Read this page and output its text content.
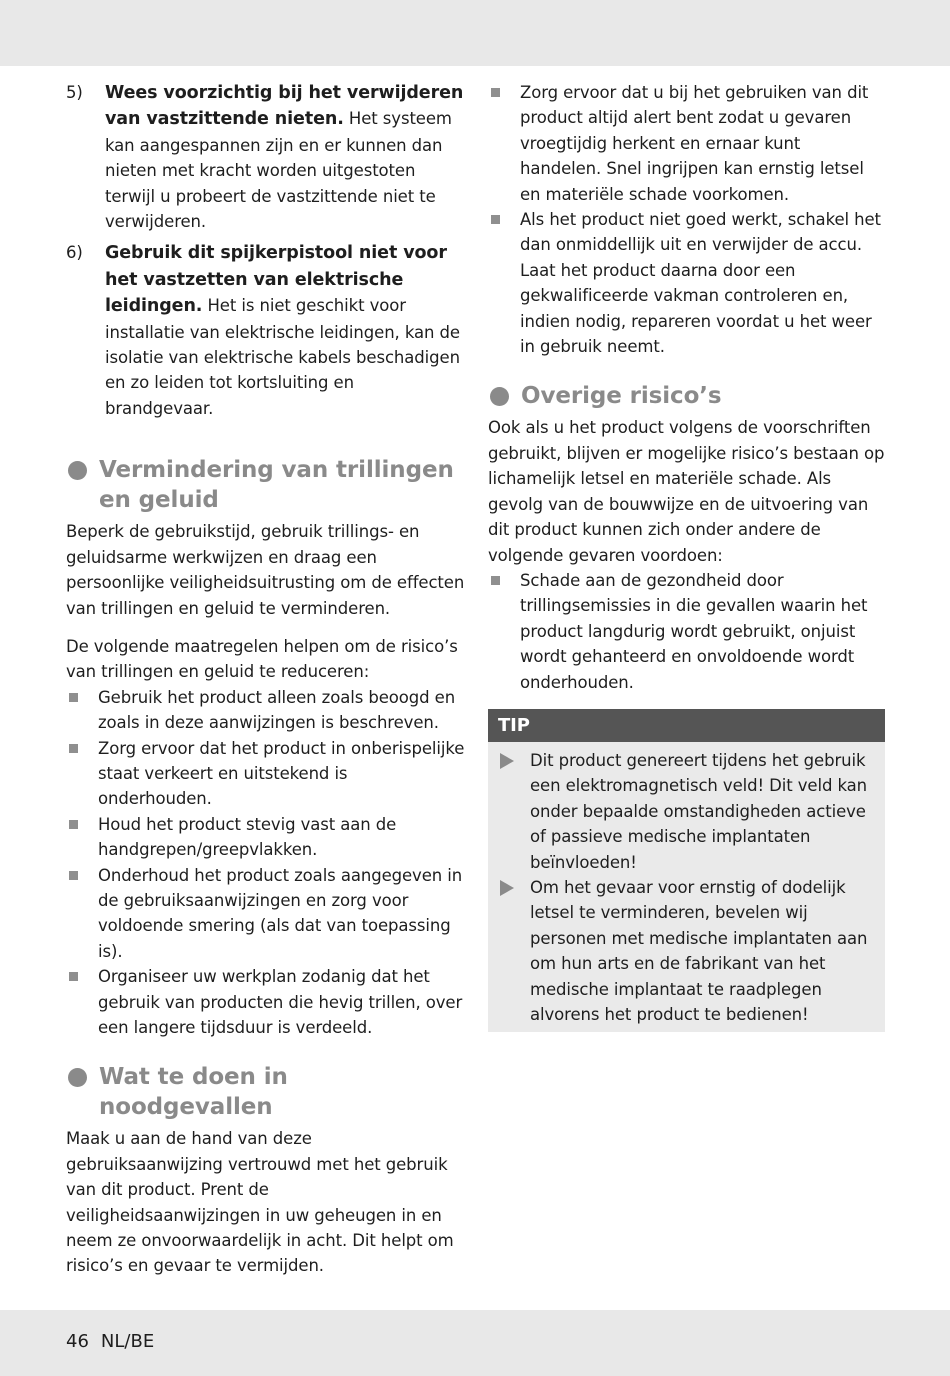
5)	Wees voorzichtig bij het verwijderen van vastzittende nieten. Het systeem kan aangespannen zijn en er kunnen dan nieten met kracht worden uitgestoten terwijl u probeert de vastzittende niet te verwijderen.
6)	Gebruik dit spijkerpistool niet voor het vastzetten van elektrische leidingen. Het is niet geschikt voor installatie van elektrische leidingen, kan de isolatie van elektrische kabels beschadigen en zo leiden tot kortsluiting en brandgevaar.
Vermindering van trillingen en geluid

Beperk de gebruikstijd, gebruik trillings- en geluidsarme werkwijzen en draag een persoonlijke veiligheidsuitrusting om de effecten van trillingen en geluid te verminderen.

De volgende maatregelen helpen om de risico’s van trillingen en geluid te reduceren:

Gebruik het product alleen zoals beoogd en zoals in deze aanwijzingen is beschreven.
Zorg ervoor dat het product in onberispelijke staat verkeert en uitstekend is onderhouden.
Houd het product stevig vast aan de handgrepen/greepvlakken.
Onderhoud het product zoals aangegeven in de gebruiksaanwijzingen en zorg voor voldoende smering (als dat van toepassing is).
Organiseer uw werkplan zodanig dat het gebruik van producten die hevig trillen, over een langere tijdsduur is verdeeld.
Wat te doen in noodgevallen

Maak u aan de hand van deze gebruiksaanwijzing vertrouwd met het gebruik van dit product. Prent de veiligheidsaanwijzingen in uw geheugen in en neem ze onvoorwaardelijk in acht. Dit helpt om risico’s en gevaar te vermijden.

Zorg ervoor dat u bij het gebruiken van dit product altijd alert bent zodat u gevaren vroegtijdig herkent en ernaar kunt handelen. Snel ingrijpen kan ernstig letsel en materiële schade voorkomen.
Als het product niet goed werkt, schakel het dan onmiddellijk uit en verwijder de accu. Laat het product daarna door een gekwalificeerde vakman controleren en, indien nodig, repareren voordat u het weer in gebruik neemt.
Overige risico’s

Ook als u het product volgens de voorschriften gebruikt, blijven er mogelijke risico’s bestaan op lichamelijk letsel en materiële schade. Als gevolg van de bouwwijze en de uitvoering van dit product kunnen zich onder andere de volgende gevaren voordoen:

Schade aan de gezondheid door trillingsemissies in die gevallen waarin het product langdurig wordt gebruikt, onjuist wordt gehanteerd en onvoldoende wordt onderhouden.
TIP
Dit product genereert tijdens het gebruik een elektromagnetisch veld! Dit veld kan onder bepaalde omstandigheden actieve of passieve medische implantaten beïnvloeden!
Om het gevaar voor ernstig of dodelijk letsel te verminderen, bevelen wij personen met medische implantaten aan om hun arts en de fabrikant van het medische implantaat te raadplegen alvorens het product te bedienen!
46 NL/BE
